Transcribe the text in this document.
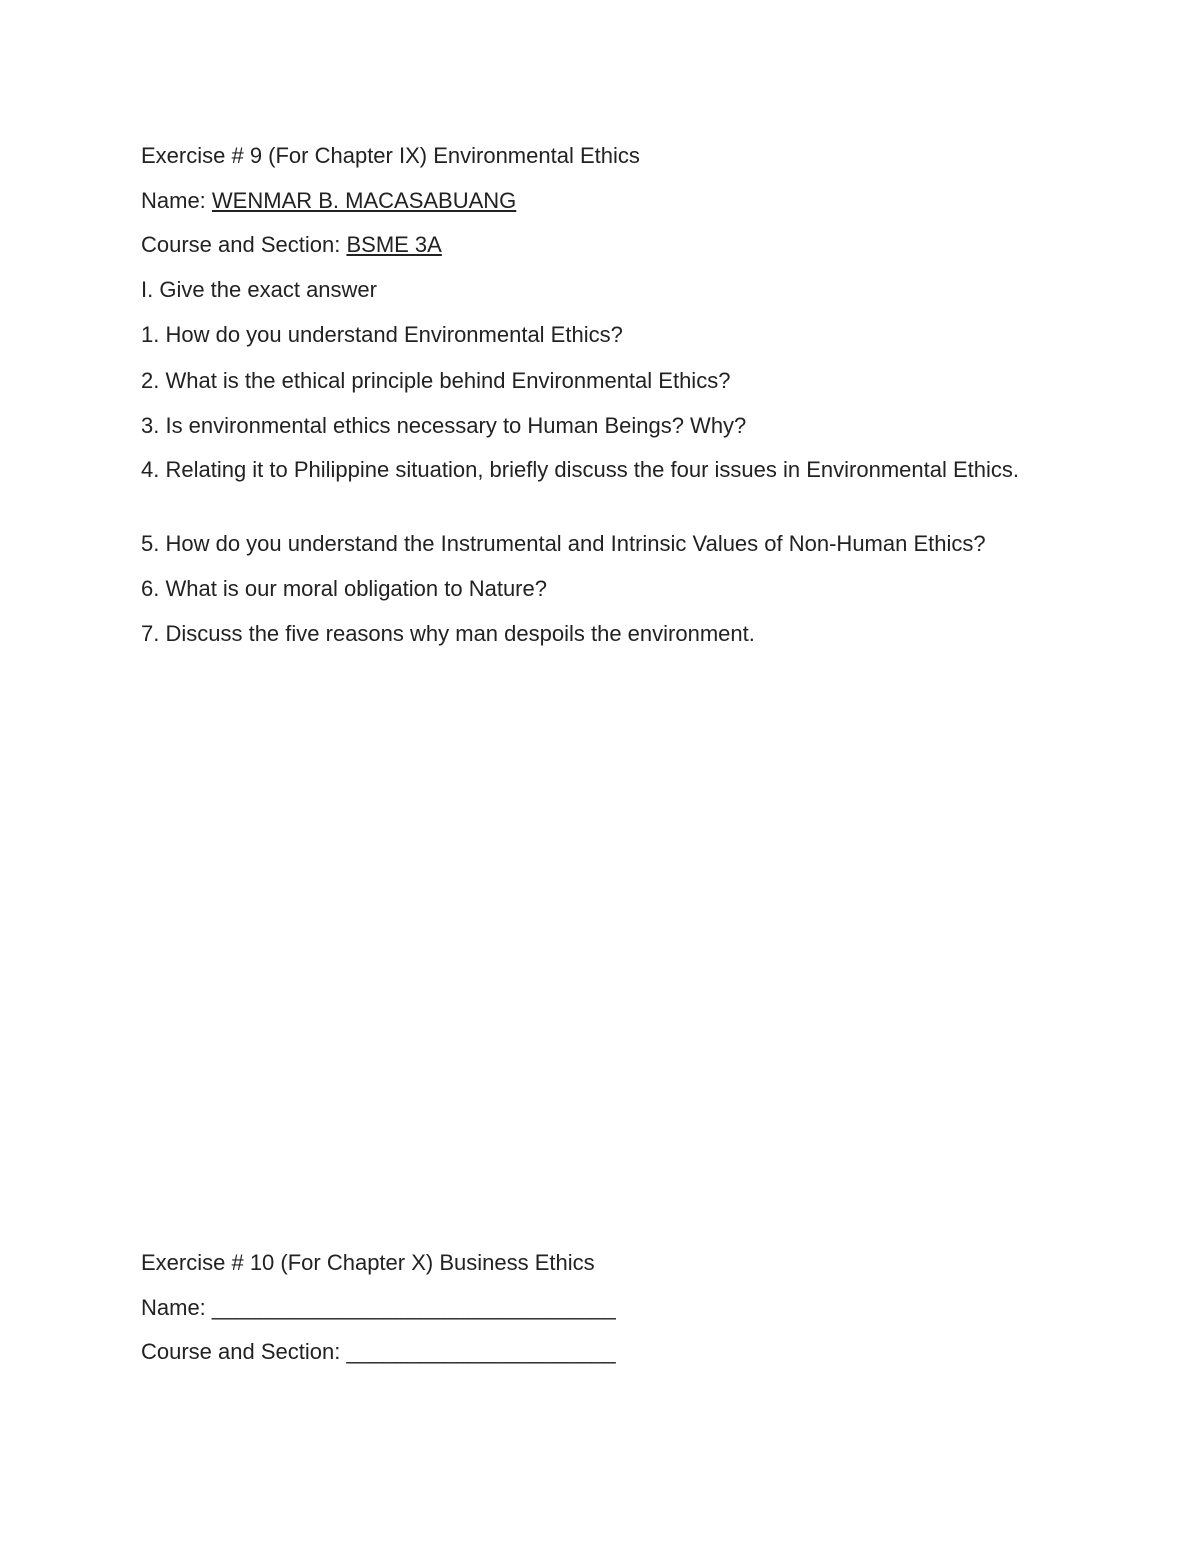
Exercise # 9 (For Chapter IX) Environmental Ethics
Name: WENMAR B. MACASABUANG
Course and Section: BSME 3A
I. Give the exact answer
1. How do you understand Environmental Ethics?
2. What is the ethical principle behind Environmental Ethics?
3. Is environmental ethics necessary to Human Beings? Why?
4. Relating it to Philippine situation, briefly discuss the four issues in Environmental Ethics.
5. How do you understand the Instrumental and Intrinsic Values of Non-Human Ethics?
6. What is our moral obligation to Nature?
7. Discuss the five reasons why man despoils the environment.
Exercise # 10 (For Chapter X) Business Ethics
Name: _________________________________
Course and Section: ______________________
